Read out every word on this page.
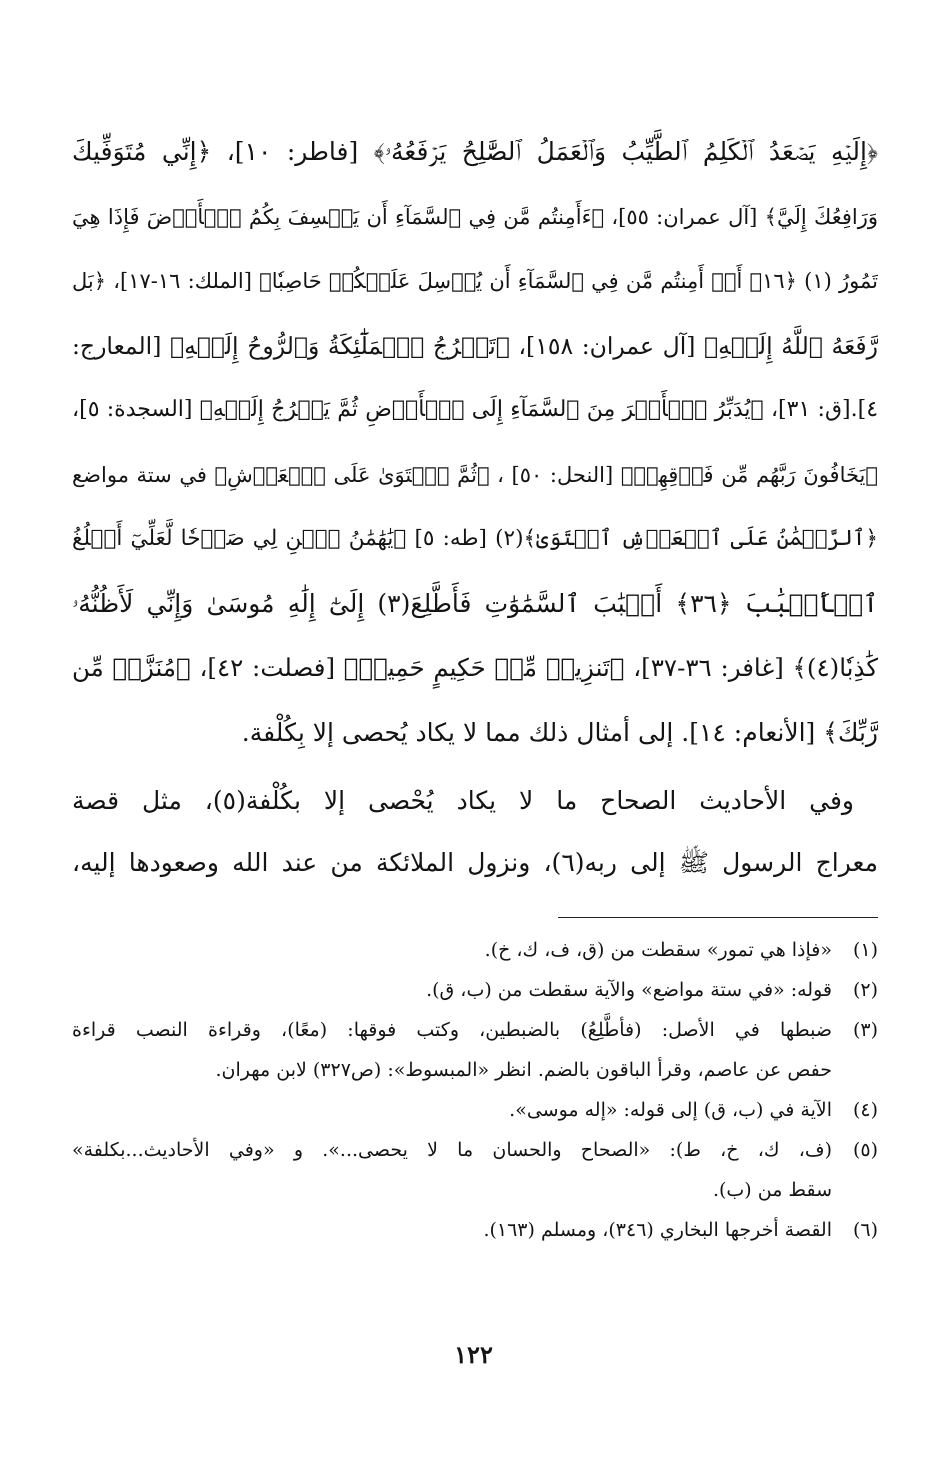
﴿إِلَيۡهِ يَصۡعَدُ ٱلۡكَلِمُ ٱلطَّيِّبُ وَٱلۡعَمَلُ ٱلصَّٰلِحُ يَرۡفَعُهُۥ﴾ [فاطر: ١٠]، ﴿إِنِّي مُتَوَفِّيكَ
وَرَافِعُكَ إِلَيَّ﴾ [آل عمران: ٥٥]، ﴿ءَأَمِنتُم مَّن فِي ٱلسَّمَآءِ أَن يَخۡسِفَ بِكُمُ ٱلۡأَرۡضَ فَإِذَا هِيَ
تَمُورُ (١) ﴿١٦﴾ أَمۡ أَمِنتُم مَّن فِي ٱلسَّمَآءِ أَن يُرۡسِلَ عَلَيۡكُمۡ حَاصِبٗا﴾ [الملك: ١٦-١٧]، ﴿بَل
رَّفَعَهُ ٱللَّهُ إِلَيۡهِ﴾ [آل عمران: ١٥٨]، ﴿تَعۡرُجُ ٱلۡمَلَٰٓئِكَةُ وَٱلرُّوحُ إِلَيۡهِ﴾ [المعارج:
٤].[ق: ٣١]، ﴿يُدَبِّرُ ٱلۡأَمۡرَ مِنَ ٱلسَّمَآءِ إِلَى ٱلۡأَرۡضِ ثُمَّ يَعۡرُجُ إِلَيۡهِ﴾ [السجدة: ٥]،
﴿يَخَافُونَ رَبَّهُم مِّن فَوۡقِهِمۡ﴾ [النحل: ٥٠] ، ﴿ثُمَّ ٱسۡتَوَىٰ عَلَى ٱلۡعَرۡشِ﴾ في ستة مواضع
﴿ٱلرَّحۡمَٰنُ عَلَى ٱلۡعَرۡشِ ٱسۡتَوَىٰ﴾(٢) [طه: ٥] ﴿يَٰهَٰمَٰنُ ٱبۡنِ لِي صَرۡحٗا لَّعَلِّيٓ أَبۡلُغُ
ٱلۡأَسۡبَٰبَ ﴿٣٦﴾ أَسۡبَٰبَ ٱلسَّمَٰوَٰتِ فَأَطَّلِعَ(٣) إِلَىٰٓ إِلَٰهِ مُوسَىٰ وَإِنِّي لَأَظُنُّهُۥ
كَٰذِبٗا(٤)﴾ [غافر: ٣٦-٣٧]، ﴿تَنزِيلٞ مِّنۡ حَكِيمٍ حَمِيدٖ﴾ [فصلت: ٤٢]، ﴿مُنَزَّلٞ مِّن
رَّبِّكَ﴾ [الأنعام: ١٤]. إلى أمثال ذلك مما لا يكاد يُحصى إلا بِكُلْفة.
وفي الأحاديث الصحاح ما لا يكاد يُحْصى إلا بكُلْفة(٥)، مثل قصة
معراج الرسول ﷺ إلى ربه(٦)، ونزول الملائكة من عند الله وصعودها إليه،
(١)
«فإذا هي تمور» سقطت من (ق، ف، ك، خ).
(٢)
قوله: «في ستة مواضع» والآية سقطت من (ب، ق).
(٣)
ضبطها في الأصل: (فأطَّلِعُ) بالضبطين، وكتب فوقها: (معًا)، وقراءة النصب قراءة
حفص عن عاصم، وقرأ الباقون بالضم. انظر «المبسوط»: (ص٣٢٧) لابن مهران.
(٤)
الآية في (ب، ق) إلى قوله: «إله موسى».
(٥)
(ف، ك، خ، ط): «الصحاح والحسان ما لا يحصى...». و «وفي الأحاديث...بكلفة»
سقط من (ب).
(٦)
القصة أخرجها البخاري (٣٤٦)، ومسلم (١٦٣).
١٢٢
